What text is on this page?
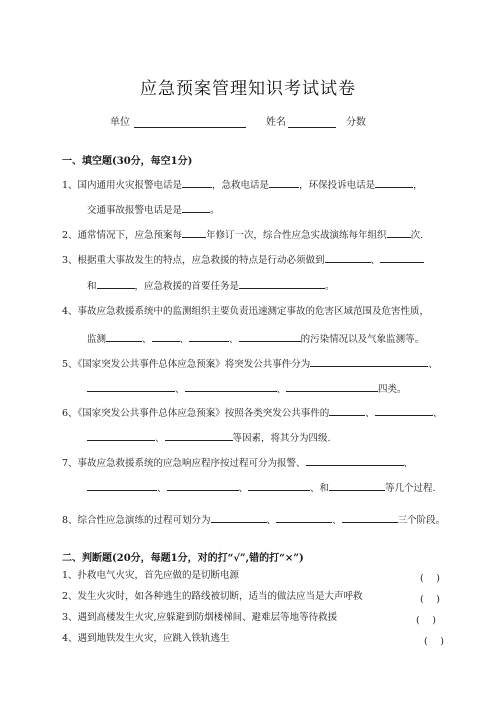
应急预案管理知识考试试卷
单位	姓名	分数
一、填空题(30分，每空1分)
1、国内通用火灾报警电话是	，急救电话是	，环保投诉电话是	，
交通事故报警电话是是	。
2、通常情况下，应急预案每	年修订一次，综合性应急实战演练每年组织	次.
3、根据重大事故发生的特点，应急救援的特点是行动必须做到	、
和	，应急救援的首要任务是	。
4、事故应急救援系统中的监测组织主要负责迅速测定事故的危害区域范围及危害性质，
监测	、	、	、	的污染情况以及气象监测等。
5、《国家突发公共事件总体应急预案》将突发公共事件分为	、
、	、	四类。
6、《国家突发公共事件总体应急预案》按照各类突发公共事件的	、	、
、	等因素，将其分为四级.
7、事故应急救援系统的应急响应程序按过程可分为报警、	、
、	、	、和	等几个过程.
8、综合性应急演练的过程可划分为	、	、	三个阶段。
二、判断题(20分，每题1分，对的打“√”,错的打“×”)
1、扑救电气火灾，首先应做的是切断电源	(　 )
2、发生火灾时，如各种逃生的路线被切断，适当的做法应当是大声呼救	(　 )
3、遇到高楼发生火灾,应躲避到防烟楼梯间、避难层等地等待救援	(　 )
4、遇到地铁发生火灾，应跳入铁轨逃生	(　 )
